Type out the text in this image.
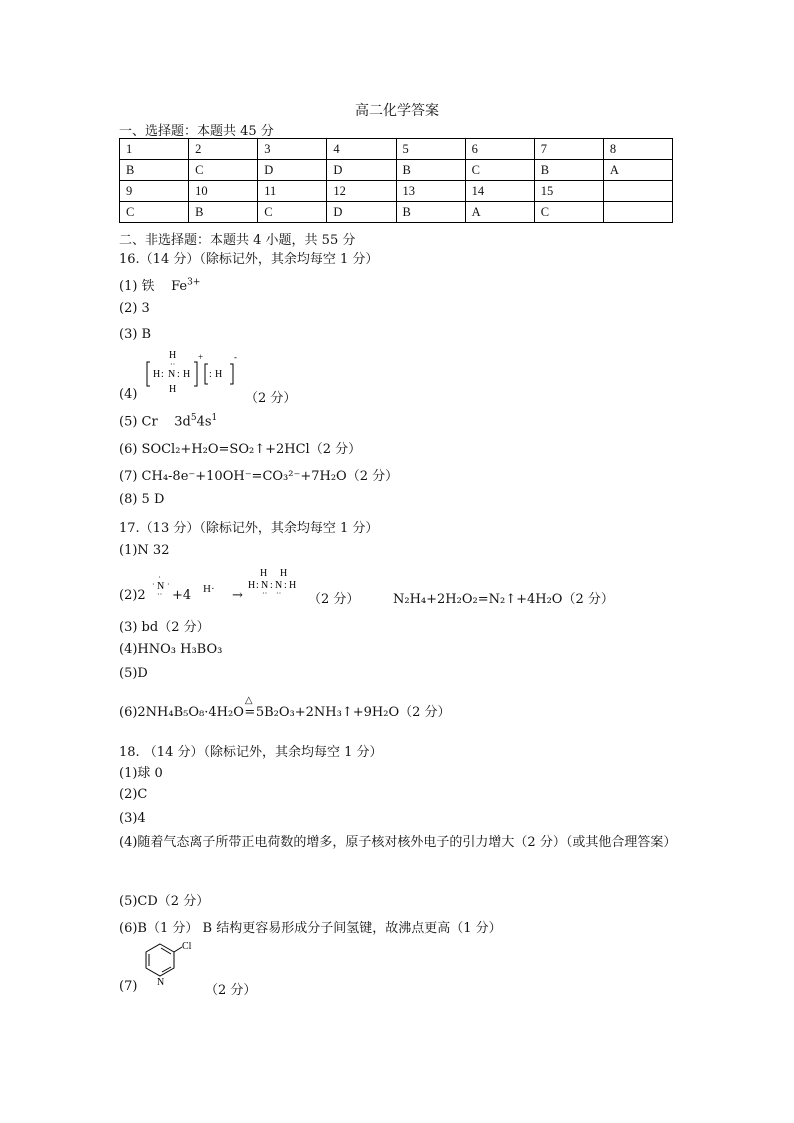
高二化学答案
一、选择题：本题共 45 分
1	2	3	4	5	6	7	8
B	C	D	D	B	C	B	A
9	10	11	12	13	14	15	
C	B	C	D	B	A	C	
二、非选择题：本题共 4 小题，共 55 分
16.（14 分）（除标记外，其余均每空 1 分）
(1) 铁 $Fe^{3+}$
(2) 3
(3) B
(4)
H
H : N : H
H
··
+
: H
-
（2 分）
(5) Cr $3d^54s^1$
(6) SOCl₂+H₂O=SO₂↑+2HCl（2 分）
(7) CH₄-8e⁻+10OH⁻=CO₃²⁻+7H₂O（2 分）
(8) 5 D
17.（13 分）（除标记外，其余均每空 1 分）
(1)N 32
(2)2
N
·
· ·
·· +4 H· →
H H
H : N : N : H
·· ·· （2 分）	N₂H₄+2H₂O₂=N₂↑+4H₂O（2 分）
(3) bd（2 分）
(4)HNO₃ H₃BO₃
(5)D
(6)2NH₄B₅O₈·4H₂O
△
=5B₂O₃+2NH₃↑+9H₂O（2 分）
18. （14 分）（除标记外，其余均每空 1 分）
(1)球 0
(2)C
(3)4
(4)随着气态离子所带正电荷数的增多，原子核对核外电子的引力增大（2 分）（或其他合理答案）
(5)CD（2 分）
(6)B（1 分） B 结构更容易形成分子间氢键，故沸点更高（1 分）
Cl
N
(7)	（2 分）
